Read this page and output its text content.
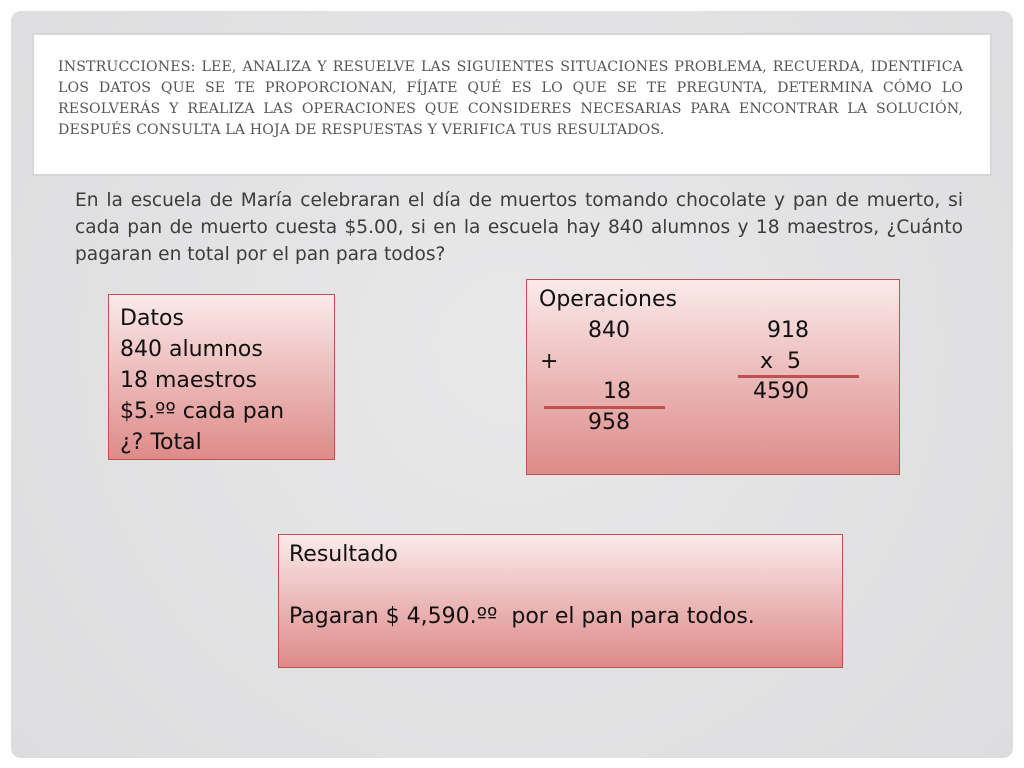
INSTRUCCIONES: LEE, ANALIZA Y RESUELVE LAS SIGUIENTES SITUACIONES PROBLEMA, RECUERDA, IDENTIFICA LOS DATOS QUE SE TE PROPORCIONAN, FÍJATE QUÉ ES LO QUE SE TE PREGUNTA, DETERMINA CÓMO LO RESOLVERÁS Y REALIZA LAS OPERACIONES QUE CONSIDERES NECESARIAS PARA ENCONTRAR LA SOLUCIÓN, DESPUÉS CONSULTA LA HOJA DE RESPUESTAS Y VERIFICA TUS RESULTADOS.
En la escuela de María celebraran el día de muertos tomando chocolate y pan de muerto, si cada pan de muerto cuesta $5.00, si en la escuela hay 840 alumnos y 18 maestros, ¿Cuánto pagaran en total por el pan para todos?
Datos
840 alumnos
18 maestros
$5.ºº cada pan
¿? Total
Operaciones
840
+
18
958
918
x  5
4590
Resultado
Pagaran $ 4,590.ºº  por el pan para todos.
